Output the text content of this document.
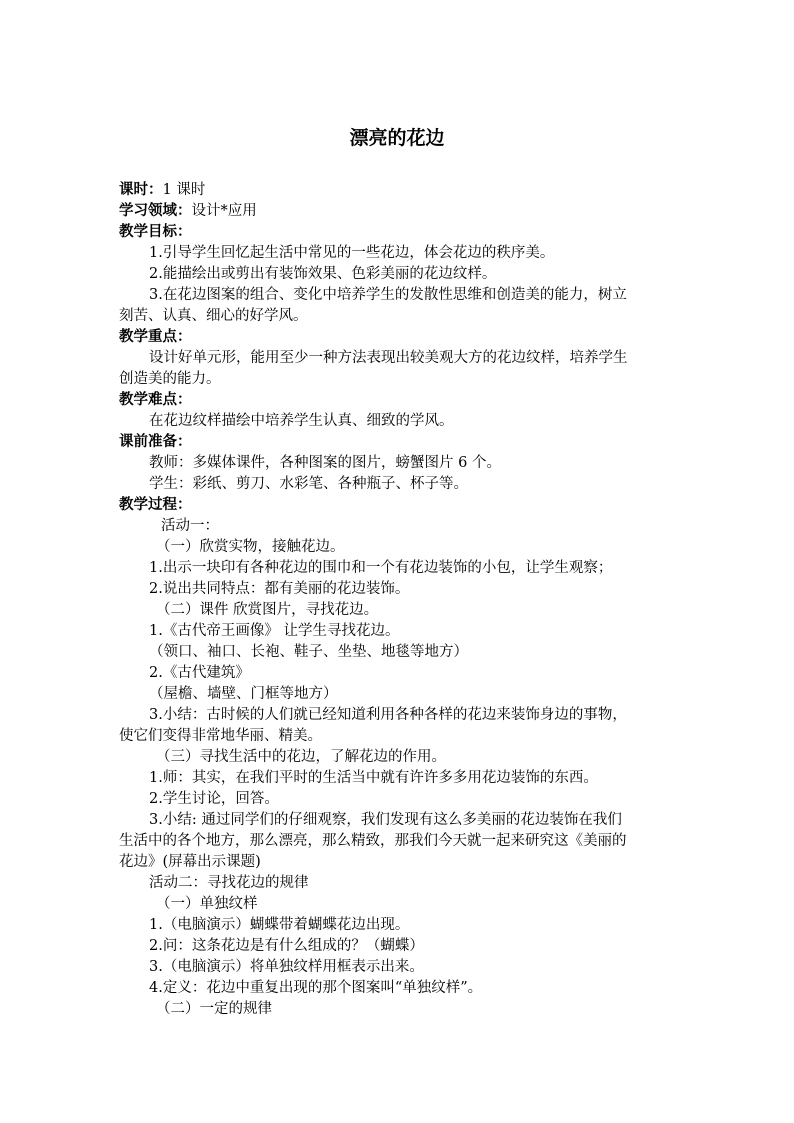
漂亮的花边
课时：1 课时
学习领域：设计*应用
教学目标：
1.引导学生回忆起生活中常见的一些花边，体会花边的秩序美。
2.能描绘出或剪出有装饰效果、色彩美丽的花边纹样。
3.在花边图案的组合、变化中培养学生的发散性思维和创造美的能力，树立
刻苦、认真、细心的好学风。
教学重点：
设计好单元形，能用至少一种方法表现出较美观大方的花边纹样，培养学生
创造美的能力。
教学难点：
在花边纹样描绘中培养学生认真、细致的学风。
课前准备：
教师：多媒体课件，各种图案的图片，螃蟹图片 6 个。
学生：彩纸、剪刀、水彩笔、各种瓶子、杯子等。
教学过程：
活动一：
（一）欣赏实物，接触花边。
1.出示一块印有各种花边的围巾和一个有花边装饰的小包，让学生观察；
2.说出共同特点：都有美丽的花边装饰。
（二）课件 欣赏图片，寻找花边。
1.《古代帝王画像》 让学生寻找花边。
（领口、袖口、长袍、鞋子、坐垫、地毯等地方）
2.《古代建筑》
（屋檐、墙壁、门框等地方）
3.小结：古时候的人们就已经知道利用各种各样的花边来装饰身边的事物，
使它们变得非常地华丽、精美。
（三）寻找生活中的花边，了解花边的作用。
1.师：其实，在我们平时的生活当中就有许许多多用花边装饰的东西。
2.学生讨论，回答。
3.小结: 通过同学们的仔细观察，我们发现有这么多美丽的花边装饰在我们
生活中的各个地方，那么漂亮，那么精致，那我们今天就一起来研究这《美丽的
花边》(屏幕出示课题)
活动二：寻找花边的规律
（一）单独纹样
1.（电脑演示）蝴蝶带着蝴蝶花边出现。
2.问：这条花边是有什么组成的？（蝴蝶）
3.（电脑演示）将单独纹样用框表示出来。
4.定义：花边中重复出现的那个图案叫“单独纹样”。
（二）一定的规律
